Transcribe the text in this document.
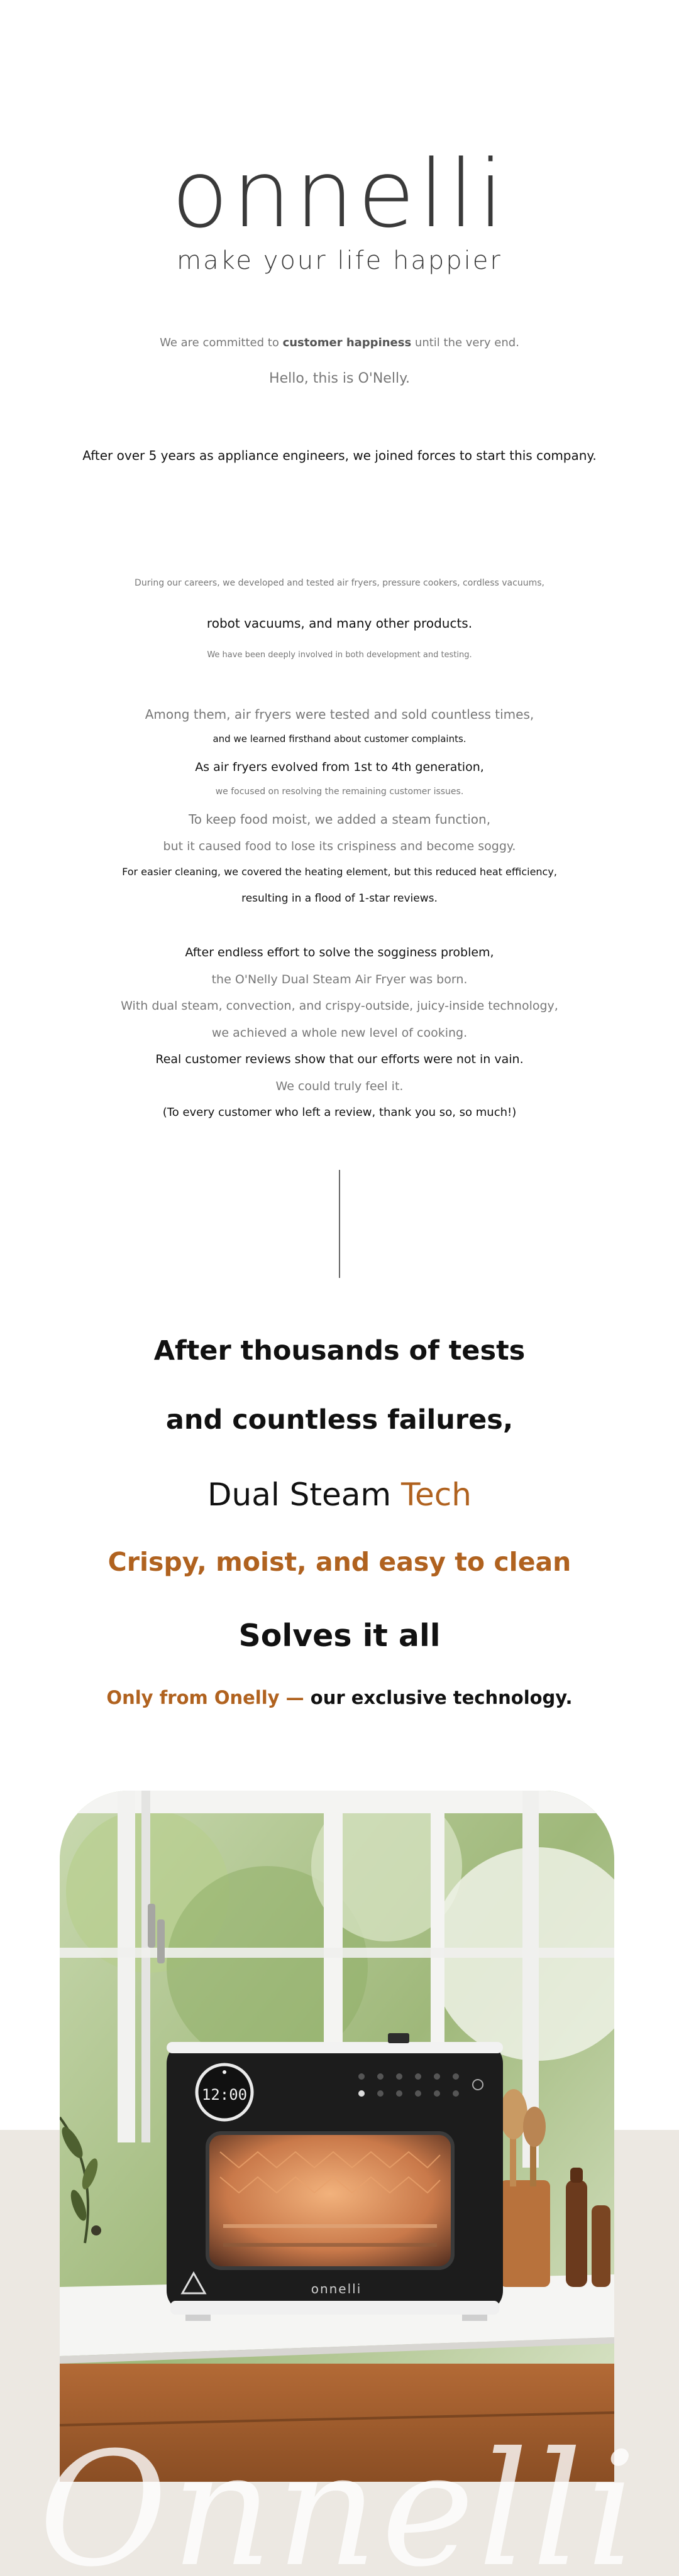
onnelli
make your life happier
We are committed to customer happiness until the very end.
Hello, this is O'Nelly.
After over 5 years as appliance engineers, we joined forces to start this company.
During our careers, we developed and tested air fryers, pressure cookers, cordless vacuums,
robot vacuums, and many other products.
We have been deeply involved in both development and testing.
Among them, air fryers were tested and sold countless times,
and we learned firsthand about customer complaints.
As air fryers evolved from 1st to 4th generation,
we focused on resolving the remaining customer issues.
To keep food moist, we added a steam function,
but it caused food to lose its crispiness and become soggy.
For easier cleaning, we covered the heating element, but this reduced heat efficiency,
resulting in a flood of 1-star reviews.
After endless effort to solve the sogginess problem,
the O'Nelly Dual Steam Air Fryer was born.
With dual steam, convection, and crispy-outside, juicy-inside technology,
we achieved a whole new level of cooking.
Real customer reviews show that our efforts were not in vain.
We could truly feel it.
(To every customer who left a review, thank you so, so much!)
After thousands of tests
and countless failures,
Dual Steam Tech
Crispy, moist, and easy to clean
Solves it all
Only from Onelly — our exclusive technology.
12:00
onnelli
Onnelli
